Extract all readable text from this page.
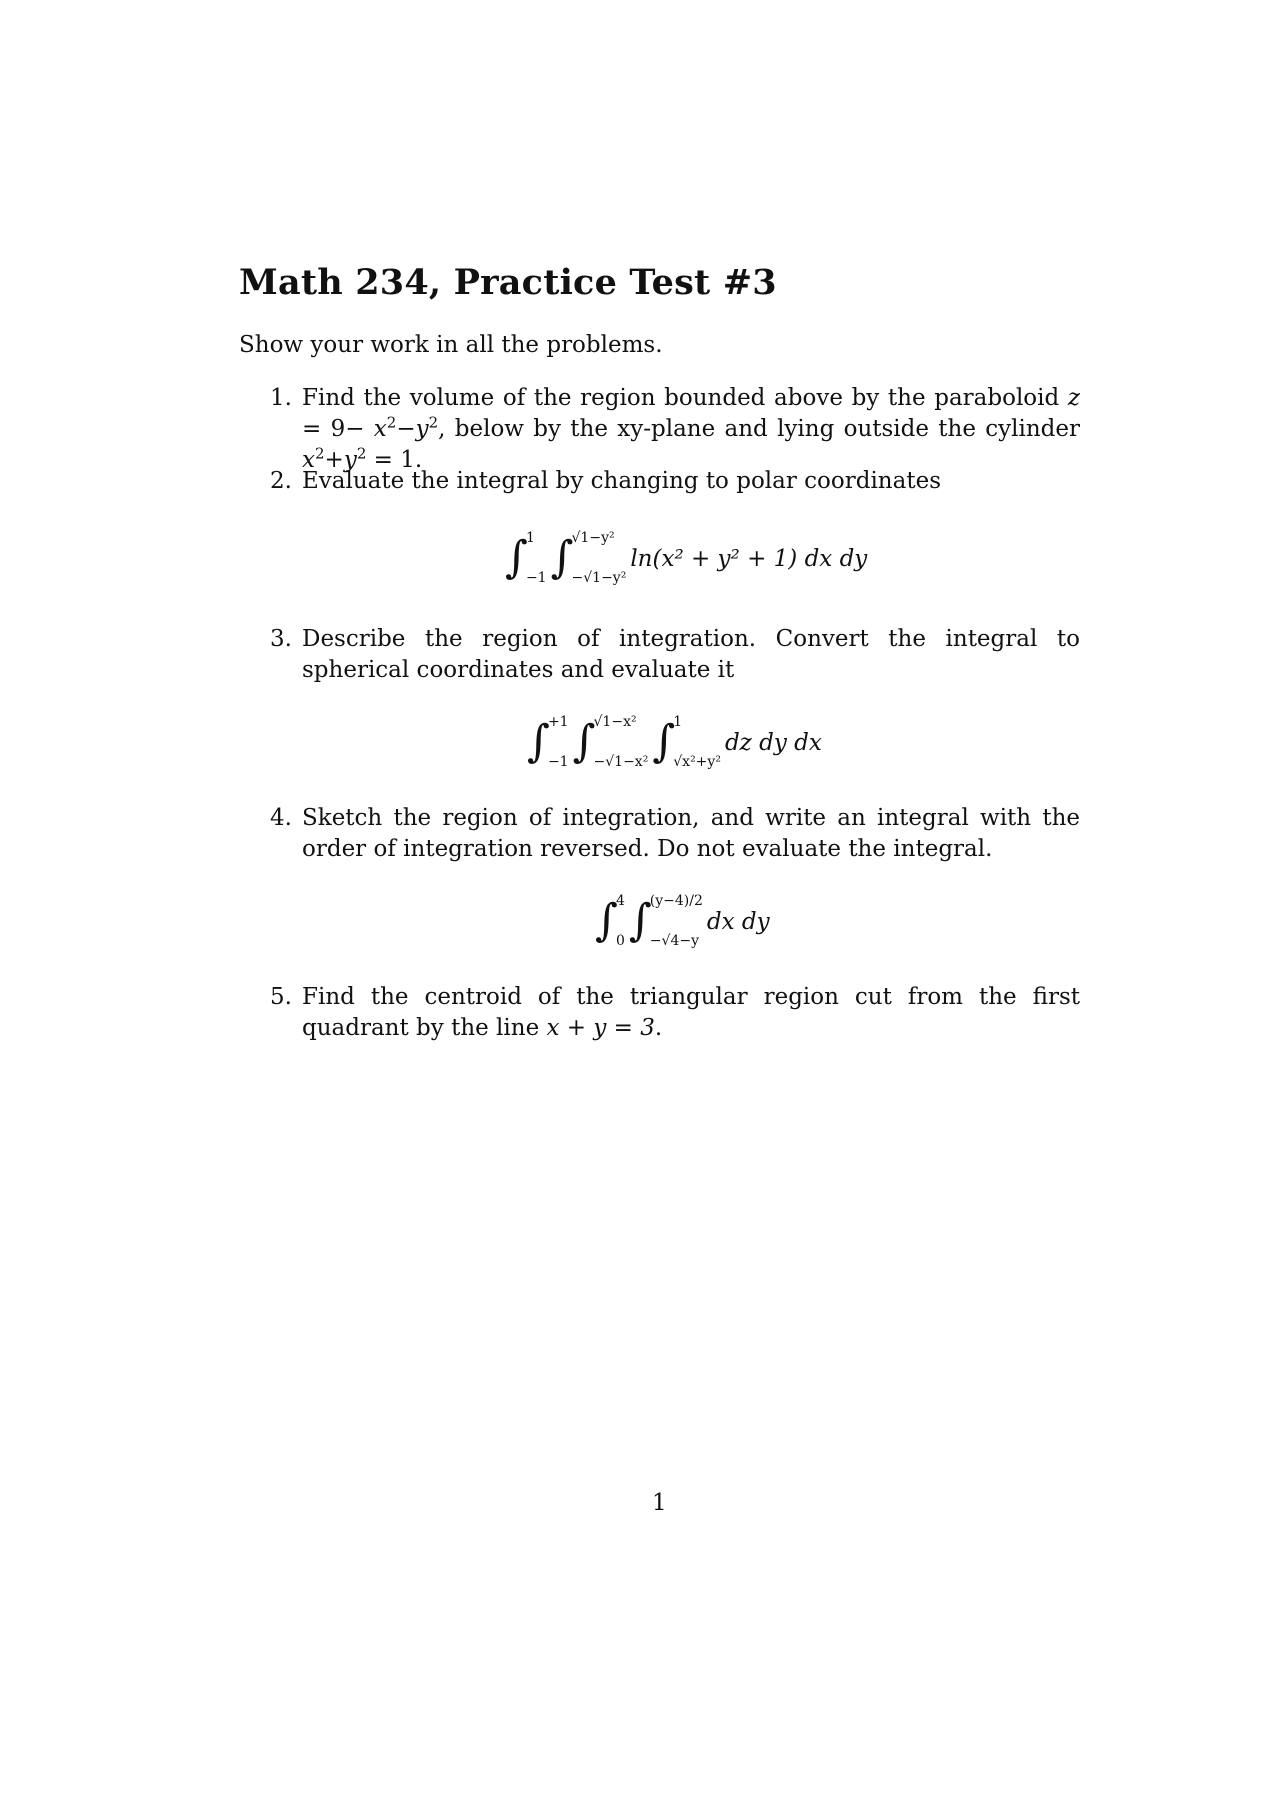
Math 234, Practice Test #3
Show your work in all the problems.
1. Find the volume of the region bounded above by the paraboloid $z = 9- x^2-y^2$, below by the xy-plane and lying outside the cylinder $x^2+y^2 = 1$.
2. Evaluate the integral by changing to polar coordinates
∫
1
−1 ∫
√1−y²
−√1−y²
ln(x² + y² + 1) dx dy
3. Describe the region of integration. Convert the integral to spherical coordinates and evaluate it
∫
+1
−1 ∫
√1−x²
−√1−x² ∫
1
√x²+y²
dz dy dx
4. Sketch the region of integration, and write an integral with the order of integration reversed. Do not evaluate the integral.
∫
4
0 ∫
(y−4)/2
−√4−y
dx dy
5. Find the centroid of the triangular region cut from the first quadrant by the line x + y = 3.
1
